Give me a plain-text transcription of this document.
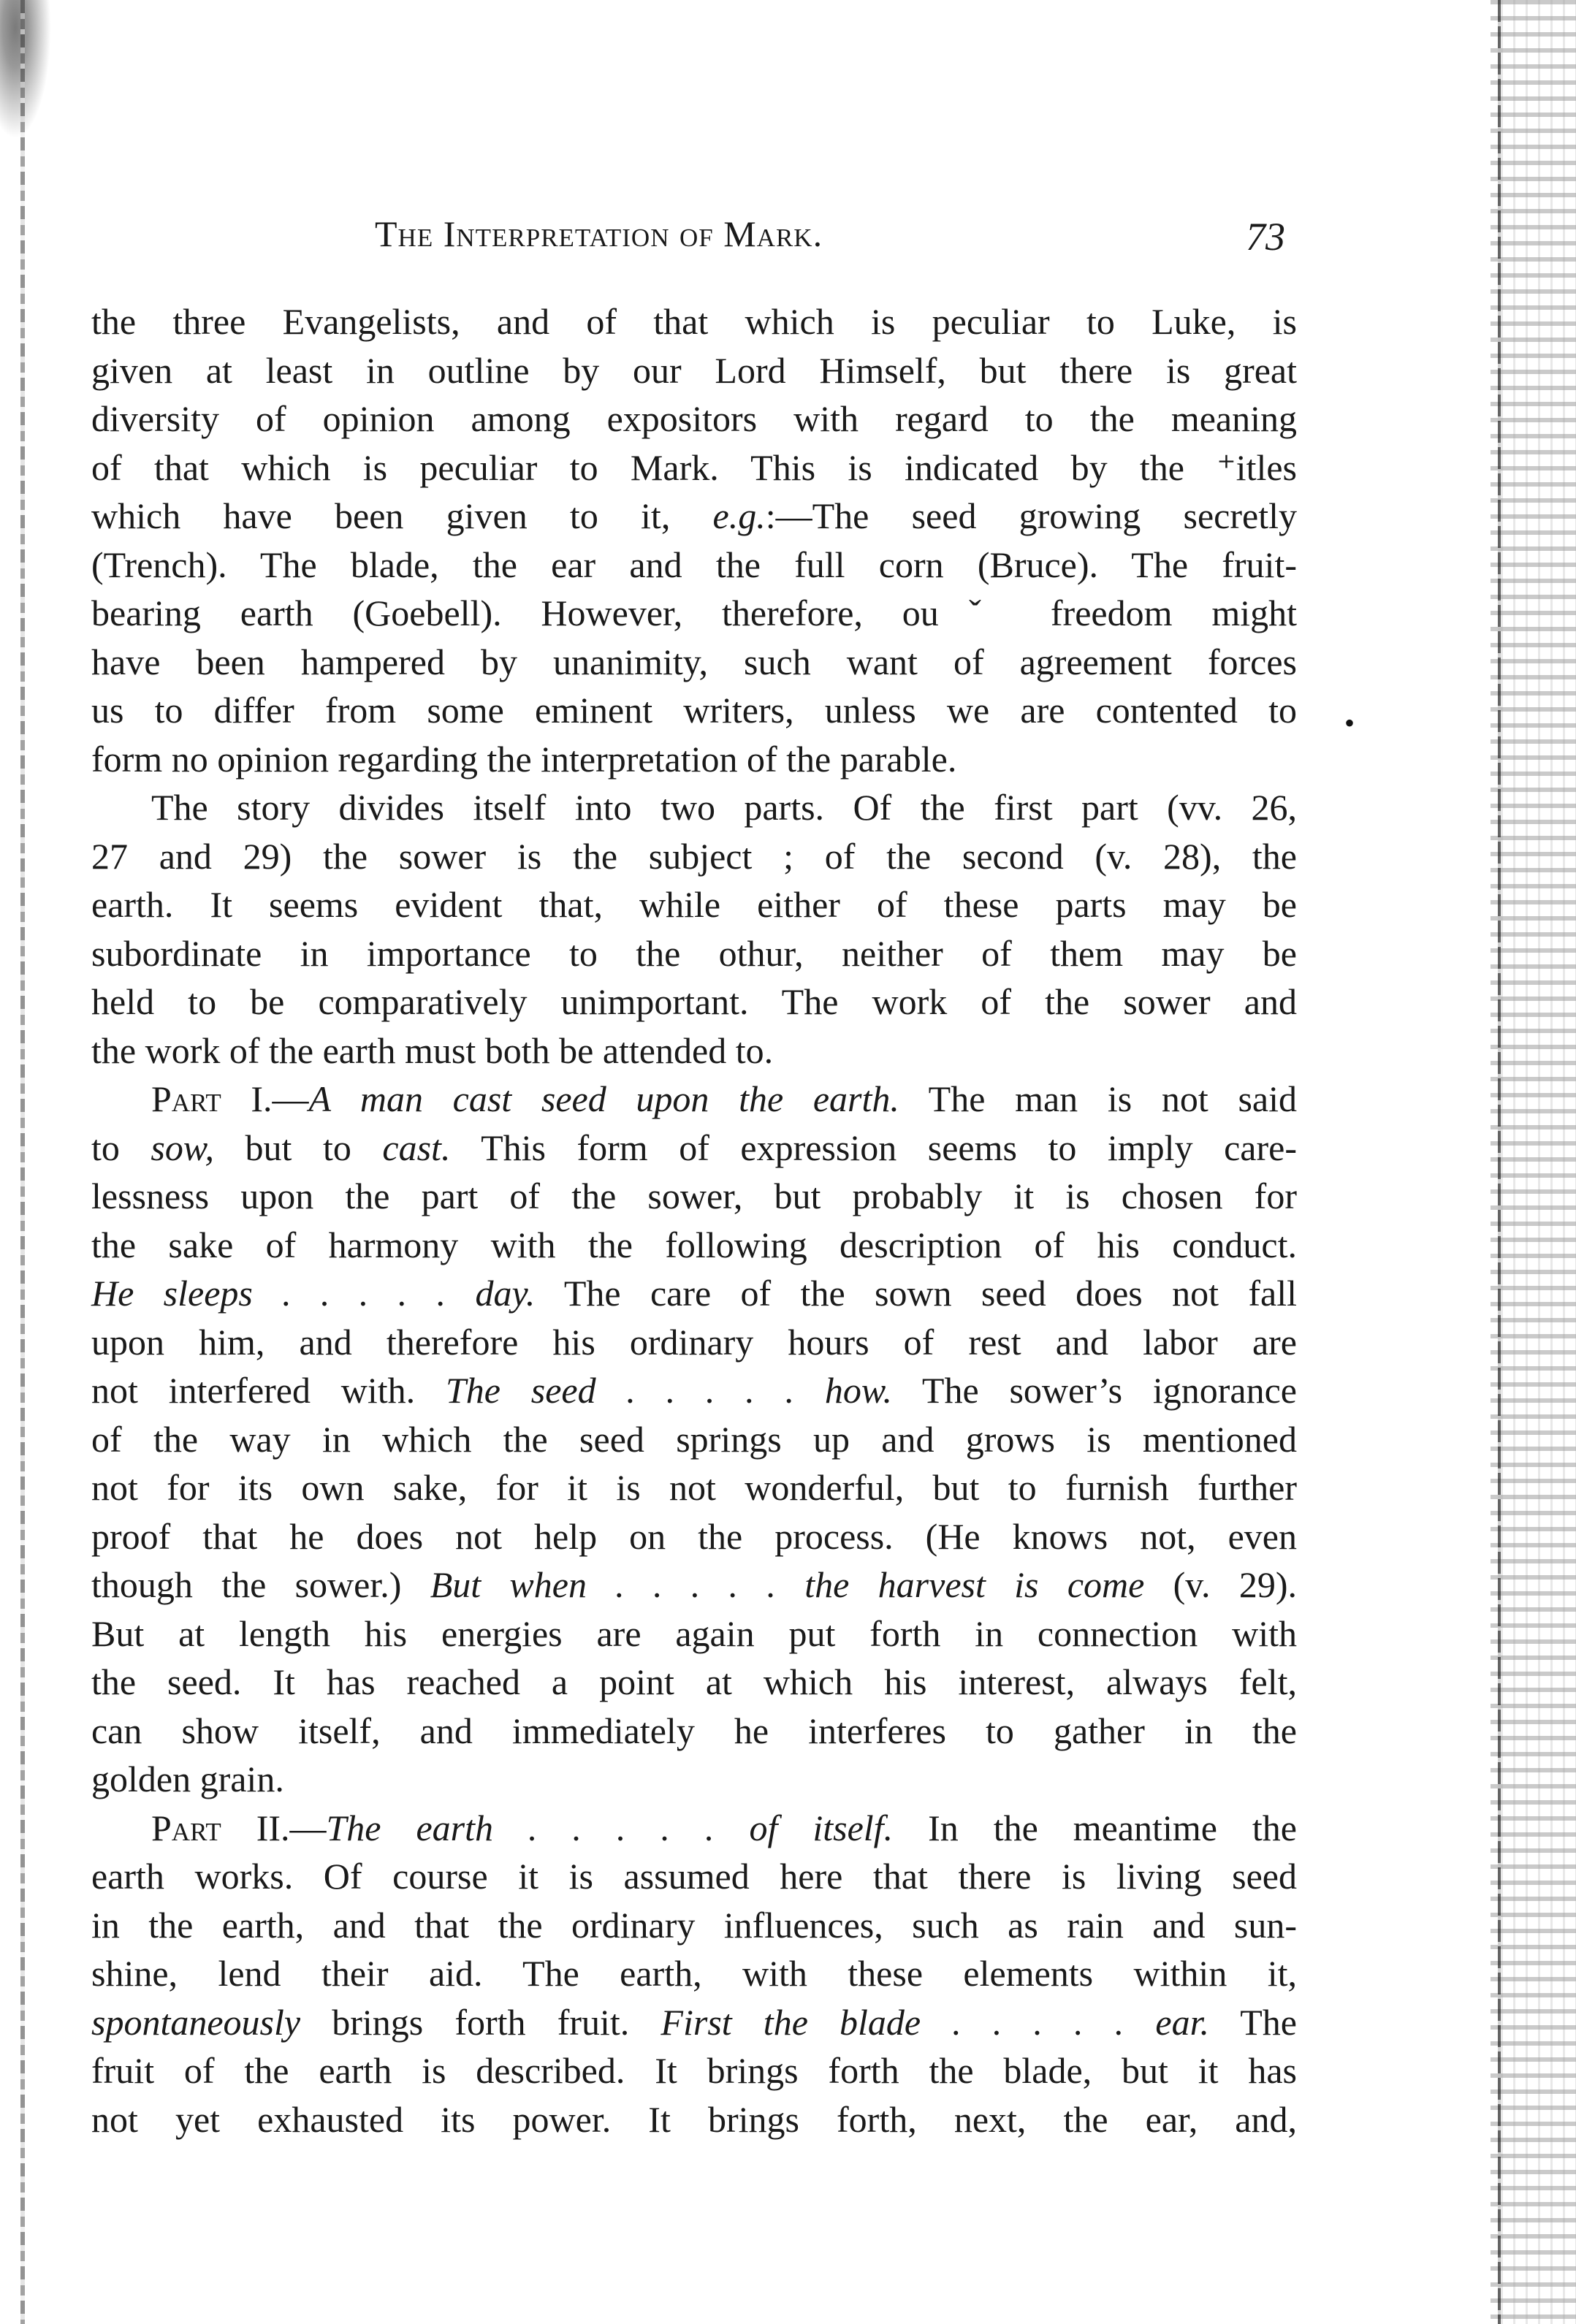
The Interpretation of Mark.	73
the three Evangelists, and of that which is peculiar to Luke, is
given at least in outline by our Lord Himself, but there is great
diversity of opinion among expositors with regard to the meaning
of that which is peculiar to Mark. This is indicated by the ⁺itles
which have been given to it, e.g.:—The seed growing secretly
(Trench). The blade, the ear and the full corn (Bruce). The fruit-
bearing earth (Goebell). However, therefore, ouˇ freedom might
have been hampered by unanimity, such want of agreement forces
us to differ from some eminent writers, unless we are contented to
form no opinion regarding the interpretation of the parable.
The story divides itself into two parts. Of the first part (vv. 26,
27 and 29) the sower is the subject ; of the second (v. 28), the
earth. It seems evident that, while either of these parts may be
subordinate in importance to the othur, neither of them may be
held to be comparatively unimportant. The work of the sower and
the work of the earth must both be attended to.
Part I.—A man cast seed upon the earth. The man is not said
to sow, but to cast. This form of expression seems to imply care-
lessness upon the part of the sower, but probably it is chosen for
the sake of harmony with the following description of his conduct.
He sleeps . . . . . day. The care of the sown seed does not fall
upon him, and therefore his ordinary hours of rest and labor are
not interfered with. The seed . . . . . how. The sower’s ignorance
of the way in which the seed springs up and grows is mentioned
not for its own sake, for it is not wonderful, but to furnish further
proof that he does not help on the process. (He knows not, even
though the sower.) But when . . . . . the harvest is come (v. 29).
But at length his energies are again put forth in connection with
the seed. It has reached a point at which his interest, always felt,
can show itself, and immediately he interferes to gather in the
golden grain.
Part II.—The earth . . . . . of itself. In the meantime the
earth works. Of course it is assumed here that there is living seed
in the earth, and that the ordinary influences, such as rain and sun-
shine, lend their aid. The earth, with these elements within it,
spontaneously brings forth fruit. First the blade . . . . . ear. The
fruit of the earth is described. It brings forth the blade, but it has
not yet exhausted its power. It brings forth, next, the ear, and,
•
